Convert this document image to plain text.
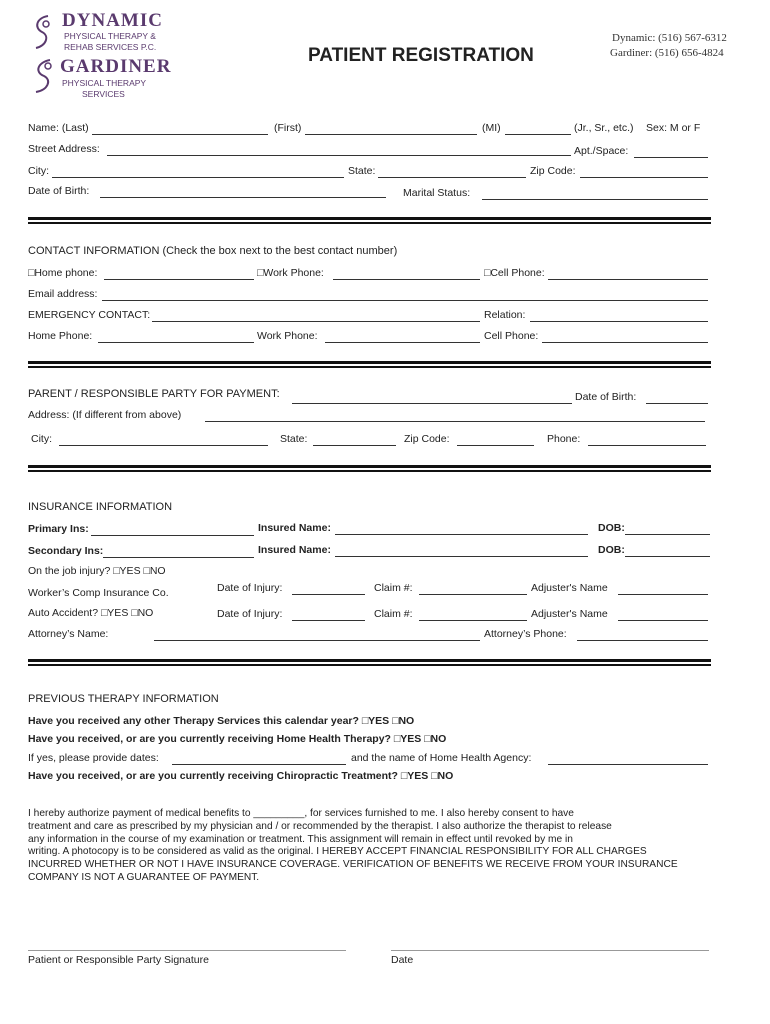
DYNAMIC
PHYSICAL THERAPY &
REHAB SERVICES P.C.
GARDINER
PHYSICAL THERAPY
SERVICES
PATIENT REGISTRATION
Dynamic: (516) 567-6312
Gardiner: (516) 656-4824
Name: (Last)	(First)	(MI)	(Jr., Sr., etc.) Sex: M or F
Street Address:	Apt./Space:
City:	State:	Zip Code:
Date of Birth:	Marital Status:
CONTACT INFORMATION (Check the box next to the best contact number)
□Home phone:	□Work Phone:	□Cell Phone:
Email address:
EMERGENCY CONTACT:	Relation:
Home Phone:	Work Phone:	Cell Phone:
PARENT / RESPONSIBLE PARTY FOR PAYMENT:	Date of Birth:
Address: (If different from above)
City:	State:	Zip Code:	Phone:
INSURANCE INFORMATION
Primary Ins:	Insured Name:	DOB:
Secondary Ins:	Insured Name:	DOB:
On the job injury? □YES □NO
Worker’s Comp Insurance Co.	Date of Injury:	Claim #:	Adjuster's Name
Auto Accident? □YES □NO	Date of Injury:	Claim #:	Adjuster's Name
Attorney’s Name:	Attorney’s Phone:
PREVIOUS THERAPY INFORMATION
Have you received any other Therapy Services this calendar year? □YES □NO
Have you received, or are you currently receiving Home Health Therapy? □YES □NO
If yes, please provide dates:	and the name of Home Health Agency:
Have you received, or are you currently receiving Chiropractic Treatment? □YES □NO
I hereby authorize payment of medical benefits to _________, for services furnished to me. I also hereby consent to have
treatment and care as prescribed by my physician and / or recommended by the therapist. I also authorize the therapist to release
any information in the course of my examination or treatment. This assignment will remain in effect until revoked by me in
writing. A photocopy is to be considered as valid as the original. I HEREBY ACCEPT FINANCIAL RESPONSIBILITY FOR ALL CHARGES
INCURRED WHETHER OR NOT I HAVE INSURANCE COVERAGE. VERIFICATION OF BENEFITS WE RECEIVE FROM YOUR INSURANCE
COMPANY IS NOT A GUARANTEE OF PAYMENT.
Patient or Responsible Party Signature	Date
